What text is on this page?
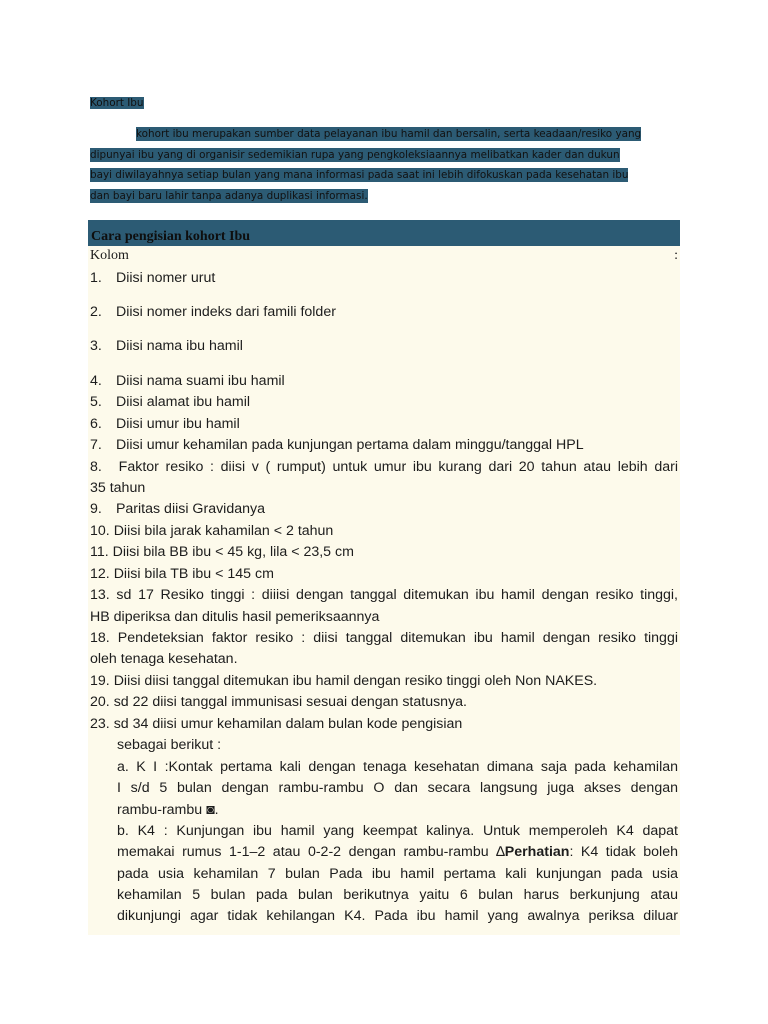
Kohort Ibu
kohort ibu merupakan sumber data pelayanan ibu hamil dan bersalin, serta keadaan/resiko yang
dipunyai ibu yang di organisir sedemikian rupa yang pengkoleksiaannya melibatkan kader dan dukun
bayi diwilayahnya setiap bulan yang mana informasi pada saat ini lebih difokuskan pada kesehatan ibu
dan bayi baru lahir tanpa adanya duplikasi informasi.
Cara pengisian kohort Ibu
Kolom	:
1. Diisi nomer urut
2. Diisi nomer indeks dari famili folder
3. Diisi nama ibu hamil
4. Diisi nama suami ibu hamil
5. Diisi alamat ibu hamil
6. Diisi umur ibu hamil
7. Diisi umur kehamilan pada kunjungan pertama dalam minggu/tanggal HPL
8. Faktor resiko : diisi v ( rumput) untuk umur ibu kurang dari 20 tahun atau lebih dari
35 tahun
9. Paritas diisi Gravidanya
10. Diisi bila jarak kahamilan < 2 tahun
11. Diisi bila BB ibu < 45 kg, lila < 23,5 cm
12. Diisi bila TB ibu < 145 cm
13. sd 17 Resiko tinggi : diiisi dengan tanggal ditemukan ibu hamil dengan resiko tinggi,
HB diperiksa dan ditulis hasil pemeriksaannya
18. Pendeteksian faktor resiko : diisi tanggal ditemukan ibu hamil dengan resiko tinggi
oleh tenaga kesehatan.
19. Diisi diisi tanggal ditemukan ibu hamil dengan resiko tinggi oleh Non NAKES.
20. sd 22 diisi tanggal immunisasi sesuai dengan statusnya.
23. sd 34 diisi umur kehamilan dalam bulan kode pengisian
sebagai berikut :
a. K I :Kontak pertama kali dengan tenaga kesehatan dimana saja pada kehamilan
I s/d 5 bulan dengan rambu-rambu O dan secara langsung juga akses dengan
rambu-rambu ◙.
b. K4 : Kunjungan ibu hamil yang keempat kalinya. Untuk memperoleh K4 dapat
memakai rumus 1-1–2 atau 0-2-2 dengan rambu-rambu ∆Perhatian: K4 tidak boleh
pada usia kehamilan 7 bulan Pada ibu hamil pertama kali kunjungan pada usia
kehamilan 5 bulan pada bulan berikutnya yaitu 6 bulan harus berkunjung atau
dikunjungi agar tidak kehilangan K4. Pada ibu hamil yang awalnya periksa diluar
